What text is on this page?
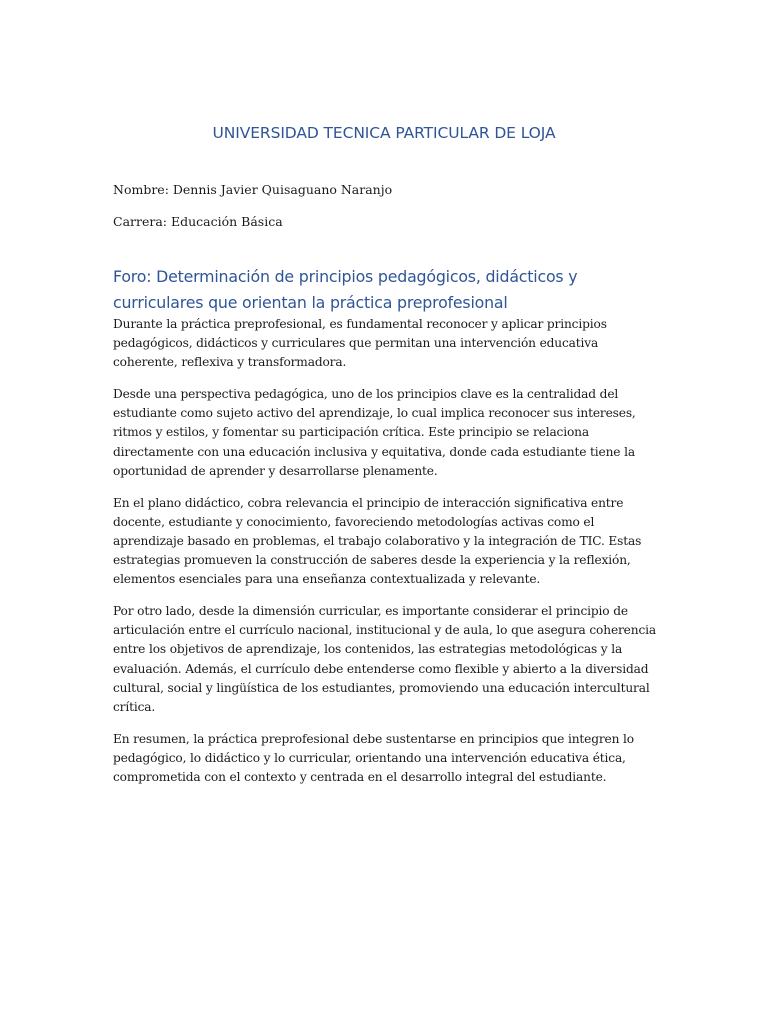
UNIVERSIDAD TECNICA PARTICULAR DE LOJA

Nombre: Dennis Javier Quisaguano Naranjo

Carrera: Educación Básica

Foro: Determinación de principios pedagógicos, didácticos y curriculares que orientan la práctica preprofesional

Durante la práctica preprofesional, es fundamental reconocer y aplicar principios pedagógicos, didácticos y curriculares que permitan una intervención educativa coherente, reflexiva y transformadora.

Desde una perspectiva pedagógica, uno de los principios clave es la centralidad del estudiante como sujeto activo del aprendizaje, lo cual implica reconocer sus intereses, ritmos y estilos, y fomentar su participación crítica. Este principio se relaciona directamente con una educación inclusiva y equitativa, donde cada estudiante tiene la oportunidad de aprender y desarrollarse plenamente.

En el plano didáctico, cobra relevancia el principio de interacción significativa entre docente, estudiante y conocimiento, favoreciendo metodologías activas como el aprendizaje basado en problemas, el trabajo colaborativo y la integración de TIC. Estas estrategias promueven la construcción de saberes desde la experiencia y la reflexión, elementos esenciales para una enseñanza contextualizada y relevante.

Por otro lado, desde la dimensión curricular, es importante considerar el principio de articulación entre el currículo nacional, institucional y de aula, lo que asegura coherencia entre los objetivos de aprendizaje, los contenidos, las estrategias metodológicas y la evaluación. Además, el currículo debe entenderse como flexible y abierto a la diversidad cultural, social y lingüística de los estudiantes, promoviendo una educación intercultural crítica.

En resumen, la práctica preprofesional debe sustentarse en principios que integren lo pedagógico, lo didáctico y lo curricular, orientando una intervención educativa ética, comprometida con el contexto y centrada en el desarrollo integral del estudiante.
